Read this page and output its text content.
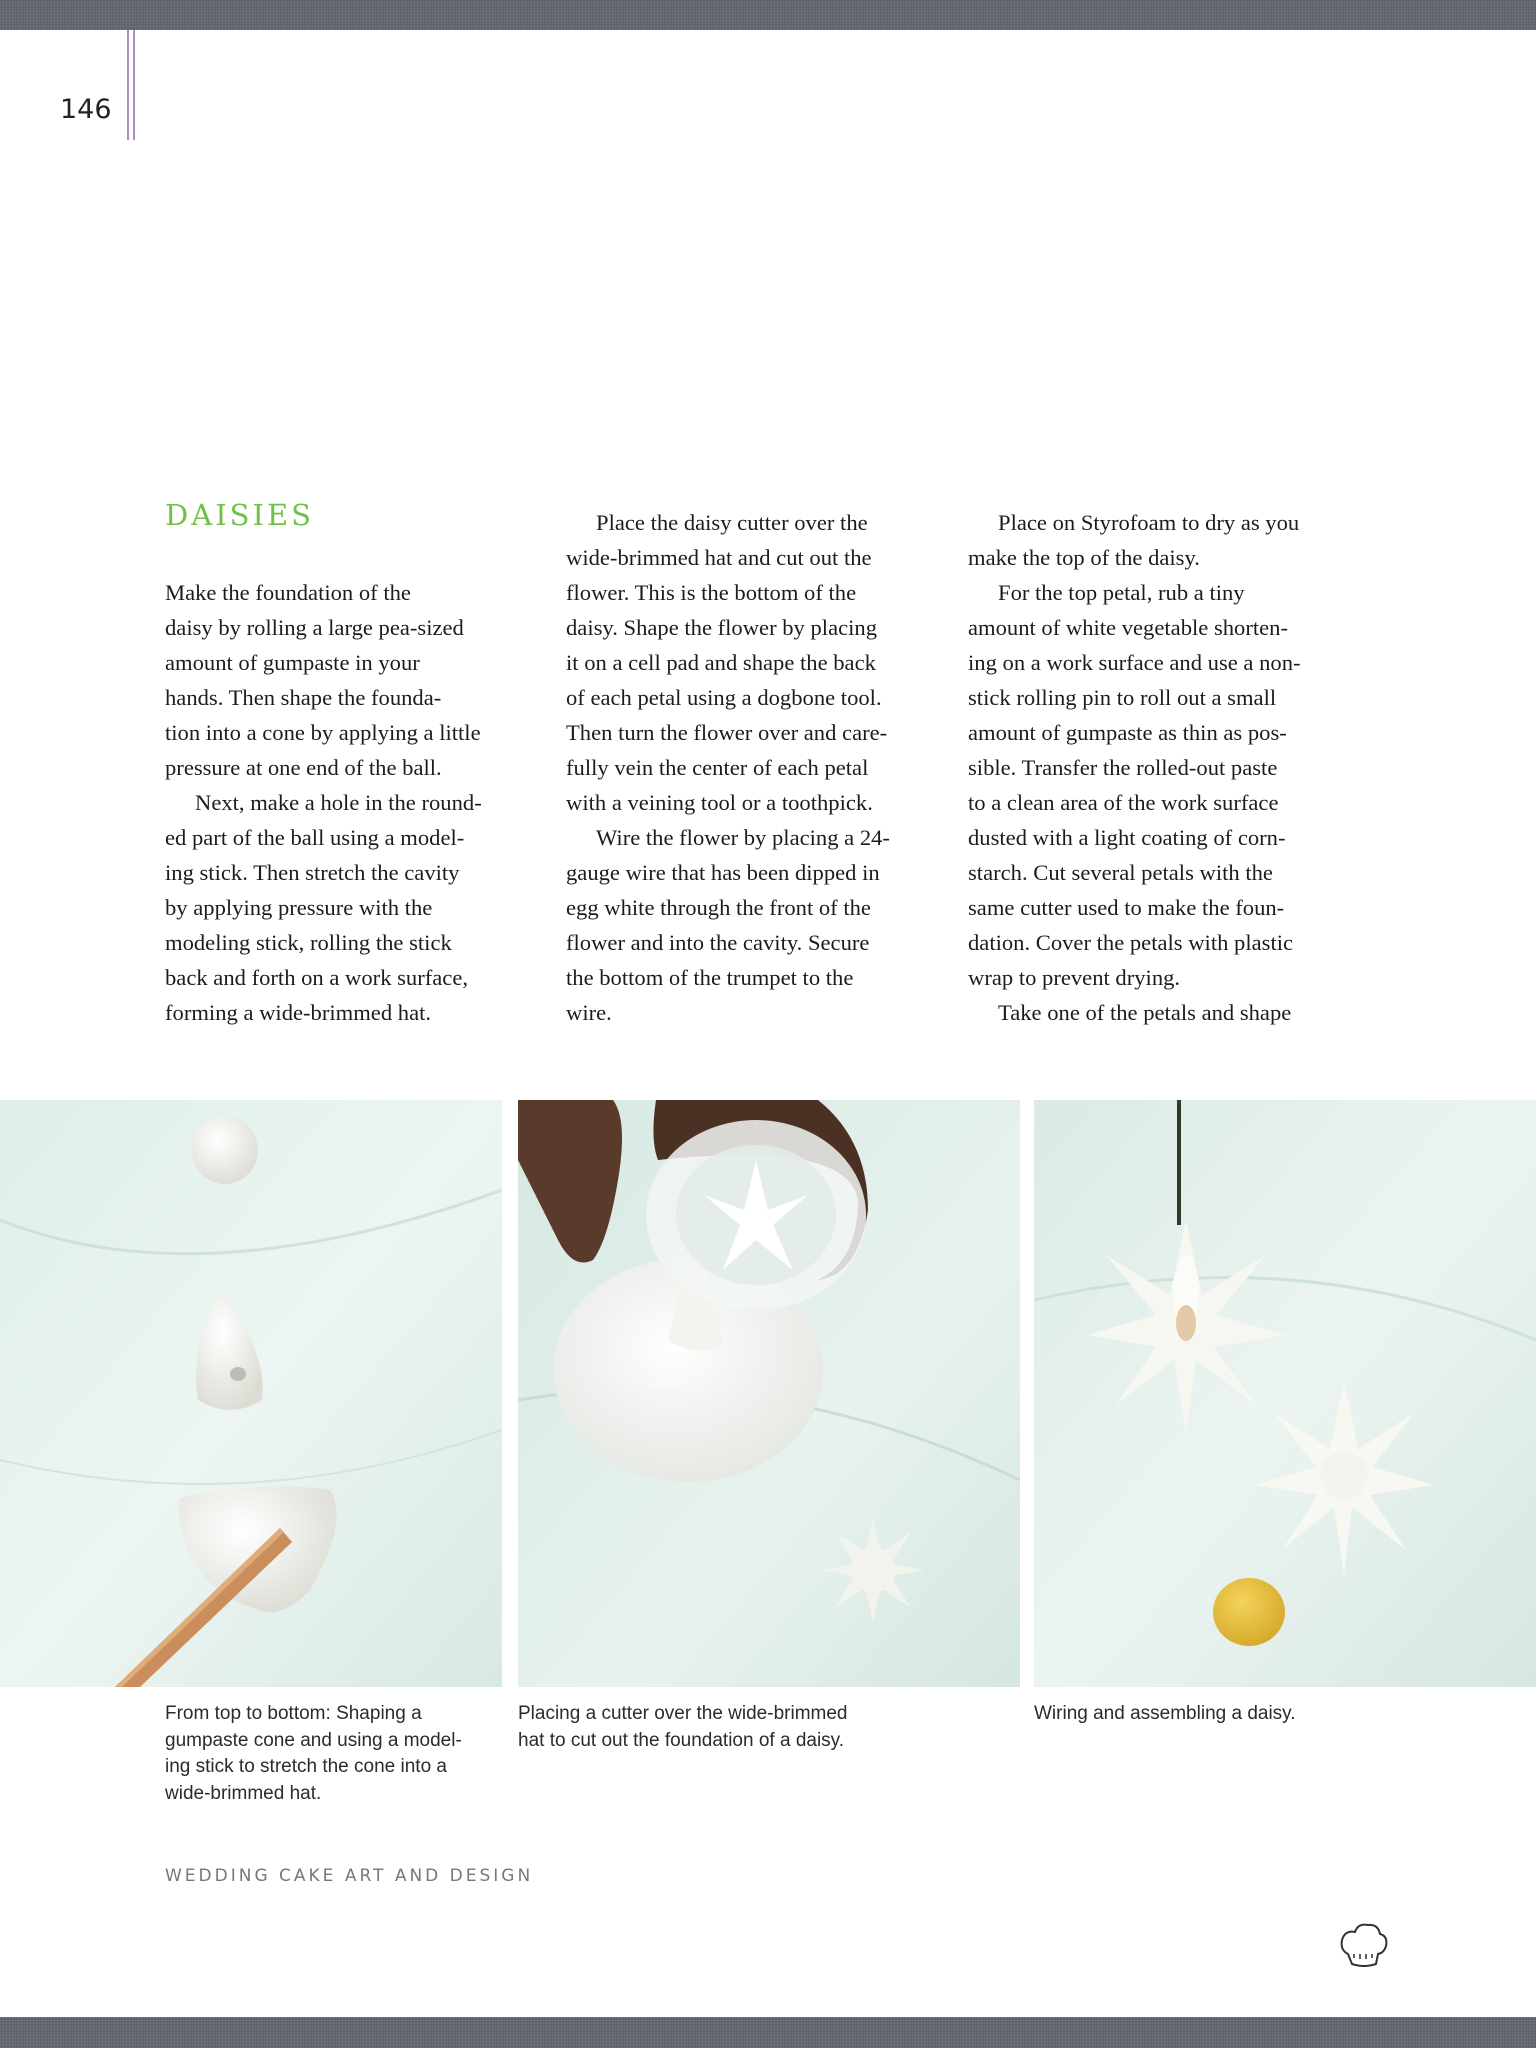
146
DAISIES

Make the foundation of the
daisy by rolling a large pea-sized
amount of gumpaste in your
hands. Then shape the founda-
tion into a cone by applying a little
pressure at one end of the ball.

Next, make a hole in the round-
ed part of the ball using a model-
ing stick. Then stretch the cavity
by applying pressure with the
modeling stick, rolling the stick
back and forth on a work surface,
forming a wide-brimmed hat.

Place the daisy cutter over the
wide-brimmed hat and cut out the
flower. This is the bottom of the
daisy. Shape the flower by placing
it on a cell pad and shape the back
of each petal using a dogbone tool.
Then turn the flower over and care-
fully vein the center of each petal
with a veining tool or a toothpick.

Wire the flower by placing a 24-
gauge wire that has been dipped in
egg white through the front of the
flower and into the cavity. Secure
the bottom of the trumpet to the
wire.

Place on Styrofoam to dry as you
make the top of the daisy.

For the top petal, rub a tiny
amount of white vegetable shorten-
ing on a work surface and use a non-
stick rolling pin to roll out a small
amount of gumpaste as thin as pos-
sible. Transfer the rolled-out paste
to a clean area of the work surface
dusted with a light coating of corn-
starch. Cut several petals with the
same cutter used to make the foun-
dation. Cover the petals with plastic
wrap to prevent drying.

Take one of the petals and shape

From top to bottom: Shaping a
gumpaste cone and using a model-
ing stick to stretch the cone into a
wide-brimmed hat.
Placing a cutter over the wide-brimmed
hat to cut out the foundation of a daisy.
Wiring and assembling a daisy.
WEDDING CAKE ART AND DESIGN
